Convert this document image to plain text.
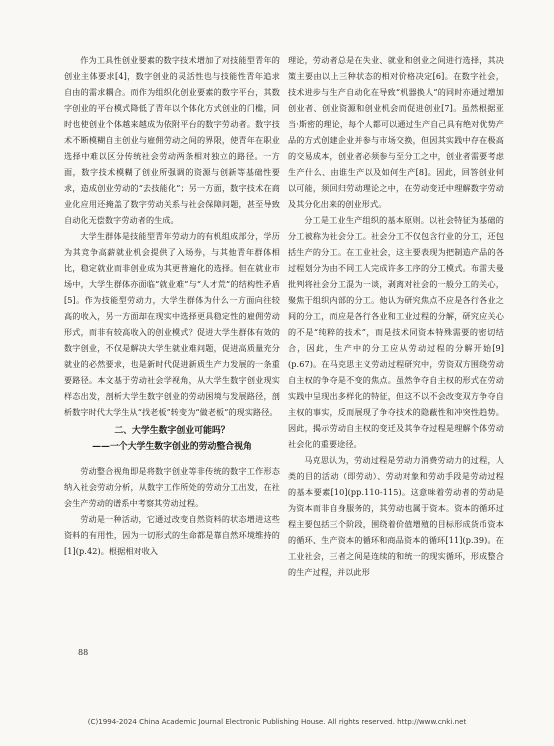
作为工具性创业要素的数字技术增加了对技能型青年的创业主体要求[4]，数字创业的灵活性也与技能性青年追求自由的需求耦合。而作为组织化创业要素的数字平台，其数字创业的平台模式降低了青年以个体化方式创业的门槛，同时也使创业个体越来越成为依附平台的数字劳动者。数字技术不断模糊自主创业与雇佣劳动之间的界限，使青年在职业选择中难以区分传统社会劳动两条相对独立的路径。一方面，数字技术模糊了创业所强调的资源与创新等基础性要求，造成创业劳动的“去技能化”；另一方面，数字技术在商业化应用还掩盖了数字劳动关系与社会保障问题，甚至导致自动化无偿数字劳动者的生成。

大学生群体是技能型青年劳动力的有机组成部分，学历为其竞争高薪就业机会提供了入场券，与其他青年群体相比，稳定就业而非创业成为其更普遍化的选择。但在就业市场中，大学生群体亦面临“就业难”与“人才荒”的结构性矛盾[5]。作为技能型劳动力，大学生群体为什么一方面向往较高的收入，另一方面却在现实中选择更具稳定性的雇佣劳动形式，而非有较高收入的创业模式？促进大学生群体有效的数字创业，不仅是解决大学生就业难问题，促进高质量充分就业的必然要求，也是新时代促进新质生产力发展的一条重要路径。本文基于劳动社会学视角，从大学生数字创业现实样态出发，剖析大学生数字创业的劳动困境与发展路径，剖析数字时代大学生从“找老板”转变为“做老板”的现实路径。

二、大学生数字创业可能吗？
——一个大学生数字创业的劳动整合视角

劳动整合视角即是将数字创业等非传统的数字工作形态纳入社会劳动分析，从数字工作所处的劳动分工出发，在社会生产劳动的谱系中考察其劳动过程。

劳动是一种活动，它通过改变自然资料的状态增进这些资料的有用性，因为一切形式的生命都是靠自然环境维持的[1](p.42)。根据相对收入

理论，劳动者总是在失业、就业和创业之间进行选择，其决策主要由以上三种状态的相对价格决定[6]。在数字社会，技术进步与生产自动化在导致“机器换人”的同时亦通过增加创业者、创业资源和创业机会而促进创业[7]。虽然根据亚当·斯密的理论，每个人都可以通过生产自己具有绝对优势产品的方式创建企业并参与市场交换，但因其实践中存在极高的交易成本，创业者必须参与至分工之中，创业者需要考虑生产什么、由谁生产以及如何生产[8]。因此，回答创业何以可能，须回归劳动理论之中，在劳动变迁中理解数字劳动及其分化出来的创业形式。

分工是工业生产组织的基本原则。以社会特征为基础的分工被称为社会分工。社会分工不仅包含行业的分工，还包括生产的分工。在工业社会，这主要表现为把制造产品的各过程划分为由不同工人完成许多工序的分工模式。布雷夫曼批判将社会分工混为一谈，剥离对社会的一般分工的关心，聚焦于组织内部的分工。他认为研究焦点不应是各行各业之间的分工，而应是各行各业和工业过程的分解，研究应关心的不是“纯粹的技术”，而是技术同资本特殊需要的密切结合，因此，生产中的分工应从劳动过程的分解开始[9](p.67)。在马克思主义劳动过程研究中，劳资双方围绕劳动自主权的争夺是不变的焦点。虽然争夺自主权的形式在劳动实践中呈现出多样化的特征，但这不以不会改变双方争夺自主权的事实，反而展现了争夺技术的隐蔽性和冲突性趋势。因此，揭示劳动自主权的变迁及其争夺过程是理解个体劳动社会化的重要途径。

马克思认为，劳动过程是劳动力消费劳动力的过程，人类的目的活动（即劳动）、劳动对象和劳动手段是劳动过程的基本要素[10](pp.110-115)。这意味着劳动者的劳动是为资本而非自身服务的，其劳动也属于资本。资本的循环过程主要包括三个阶段，围绕着价值增殖的目标形成货币资本的循环、生产资本的循环和商品资本的循环[11](p.39)。在工业社会，三者之间是连续的和统一的现实循环，形成整合的生产过程，并以此形

88
(C)1994-2024 China Academic Journal Electronic Publishing House. All rights reserved. http://www.cnki.net
